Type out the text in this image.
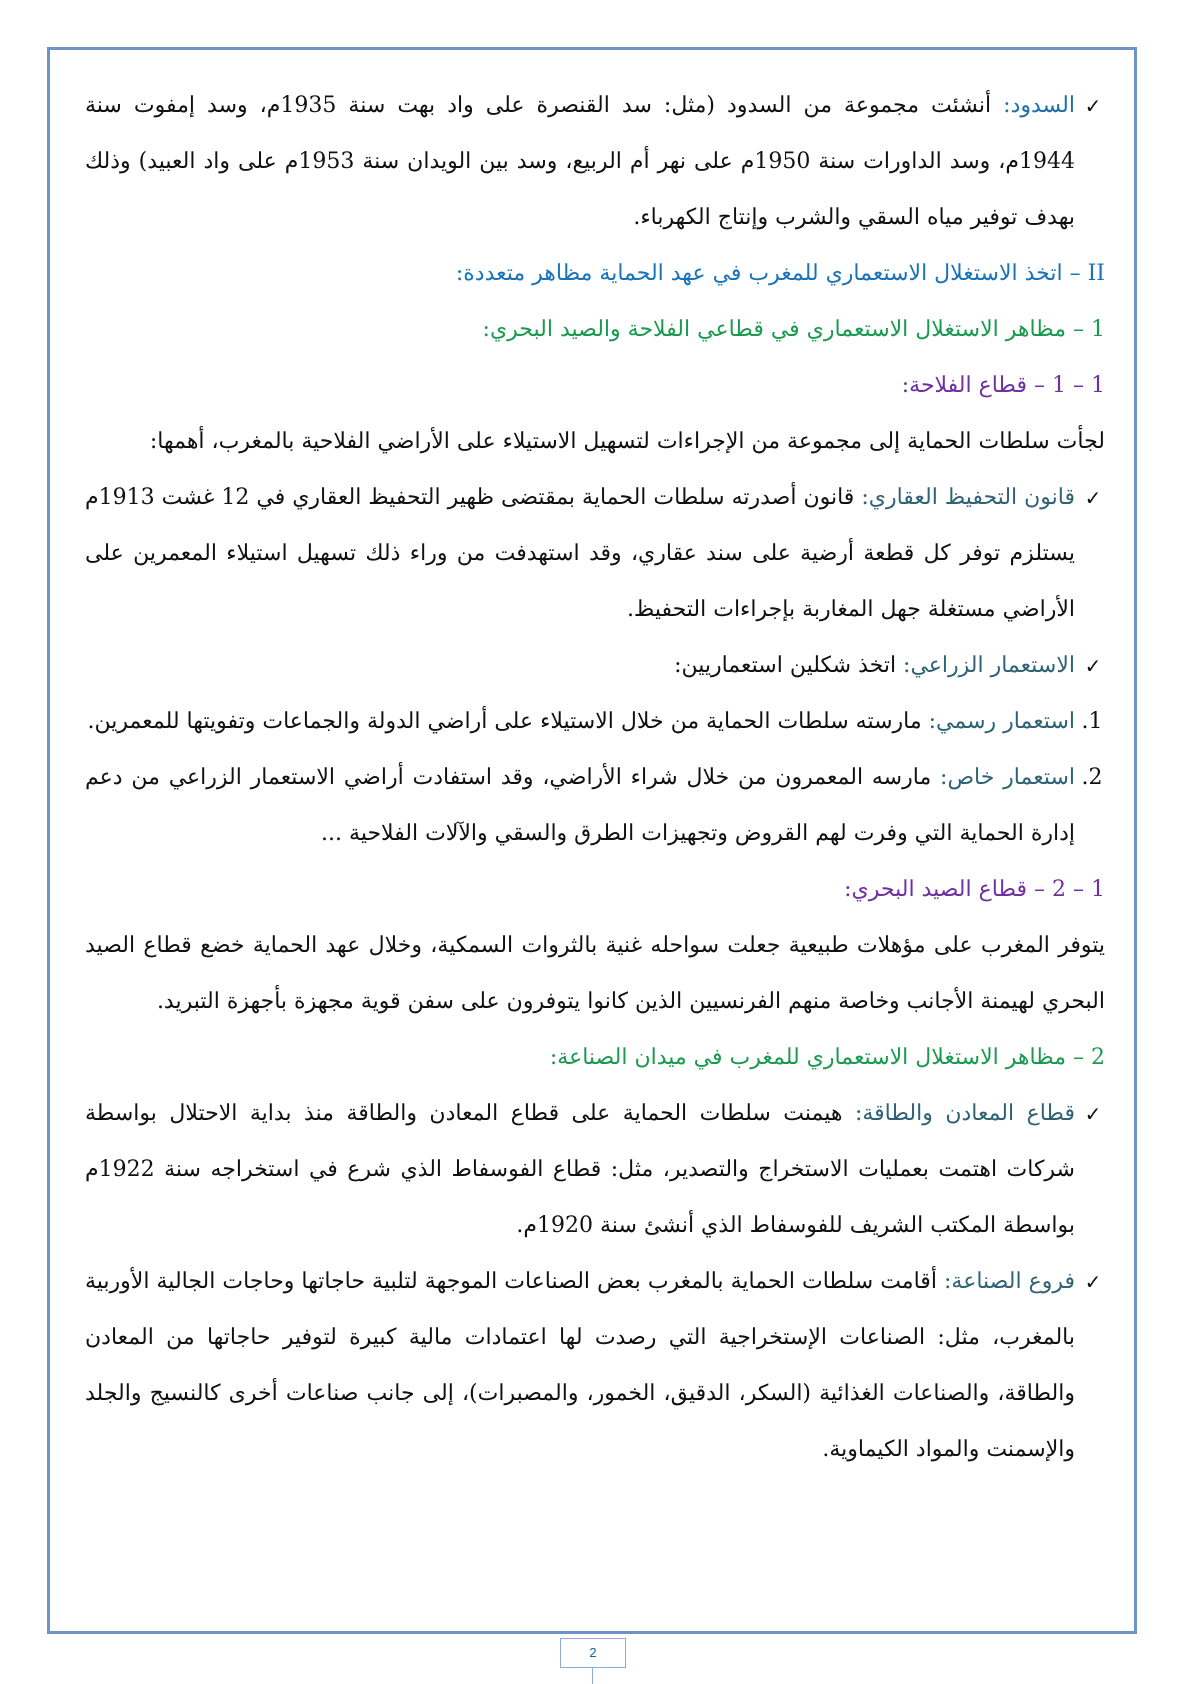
✓
السدود: أنشئت مجموعة من السدود (مثل: سد القنصرة على واد بهت سنة 1935م، وسد إمفوت سنة 1944م، وسد الداورات سنة 1950م على نهر أم الربيع، وسد بين الويدان سنة 1953م على واد العبيد) وذلك بهدف توفير مياه السقي والشرب وإنتاج الكهرباء.

II – اتخذ الاستغلال الاستعماري للمغرب في عهد الحماية مظاهر متعددة:

1 – مظاهر الاستغلال الاستعماري في قطاعي الفلاحة والصيد البحري:

1 – 1 – قطاع الفلاحة:

لجأت سلطات الحماية إلى مجموعة من الإجراءات لتسهيل الاستيلاء على الأراضي الفلاحية بالمغرب، أهمها:

✓
قانون التحفيظ العقاري: قانون أصدرته سلطات الحماية بمقتضى ظهير التحفيظ العقاري في 12 غشت 1913م يستلزم توفر كل قطعة أرضية على سند عقاري، وقد استهدفت من وراء ذلك تسهيل استيلاء المعمرين على الأراضي مستغلة جهل المغاربة بإجراءات التحفيظ.

✓
الاستعمار الزراعي: اتخذ شكلين استعماريين:

1.
استعمار رسمي: مارسته سلطات الحماية من خلال الاستيلاء على أراضي الدولة والجماعات وتفويتها للمعمرين.

2.
استعمار خاص: مارسه المعمرون من خلال شراء الأراضي، وقد استفادت أراضي الاستعمار الزراعي من دعم إدارة الحماية التي وفرت لهم القروض وتجهيزات الطرق والسقي والآلات الفلاحية ...

1 – 2 – قطاع الصيد البحري:

يتوفر المغرب على مؤهلات طبيعية جعلت سواحله غنية بالثروات السمكية، وخلال عهد الحماية خضع قطاع الصيد البحري لهيمنة الأجانب وخاصة منهم الفرنسيين الذين كانوا يتوفرون على سفن قوية مجهزة بأجهزة التبريد.

2 – مظاهر الاستغلال الاستعماري للمغرب في ميدان الصناعة:

✓
قطاع المعادن والطاقة: هيمنت سلطات الحماية على قطاع المعادن والطاقة منذ بداية الاحتلال بواسطة شركات اهتمت بعمليات الاستخراج والتصدير، مثل: قطاع الفوسفاط الذي شرع في استخراجه سنة 1922م بواسطة المكتب الشريف للفوسفاط الذي أنشئ سنة 1920م.

✓
فروع الصناعة: أقامت سلطات الحماية بالمغرب بعض الصناعات الموجهة لتلبية حاجاتها وحاجات الجالية الأوربية بالمغرب، مثل: الصناعات الإستخراجية التي رصدت لها اعتمادات مالية كبيرة لتوفير حاجاتها من المعادن والطاقة، والصناعات الغذائية (السكر، الدقيق، الخمور، والمصبرات)، إلى جانب صناعات أخرى كالنسيج والجلد والإسمنت والمواد الكيماوية.

2
